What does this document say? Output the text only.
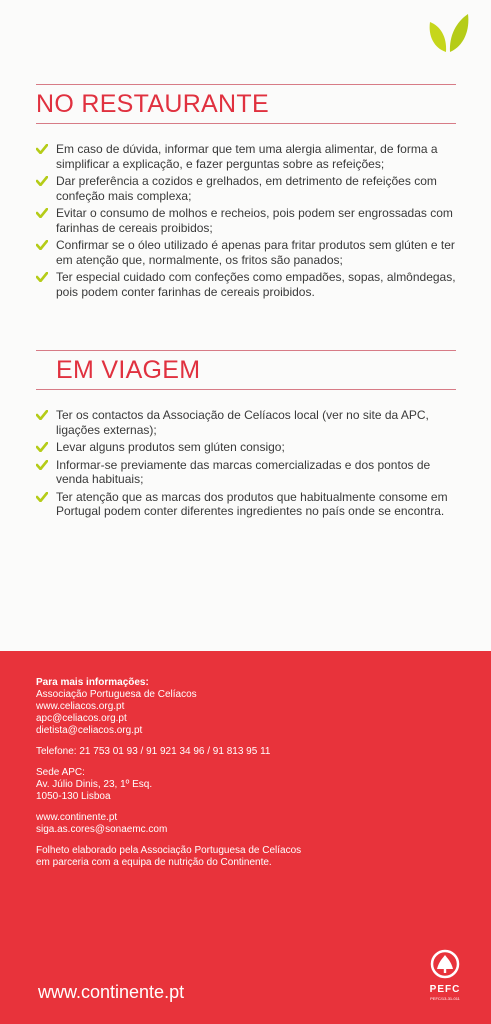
NO RESTAURANTE
Em caso de dúvida, informar que tem uma alergia alimentar, de forma a simplificar a explicação, e fazer perguntas sobre as refeições;
Dar preferência a cozidos e grelhados, em detrimento de refeições com confeção mais complexa;
Evitar o consumo de molhos e recheios, pois podem ser engrossadas com farinhas de cereais proibidos;
Confirmar se o óleo utilizado é apenas para fritar produtos sem glúten e ter em atenção que, normalmente, os fritos são panados;
Ter especial cuidado com confeções como empadões, sopas, almôndegas, pois podem conter farinhas de cereais proibidos.
EM VIAGEM
Ter os contactos da Associação de Celíacos local (ver no site da APC, ligações externas);
Levar alguns produtos sem glúten consigo;
Informar-se previamente das marcas comercializadas e dos pontos de venda habituais;
Ter atenção que as marcas dos produtos que habitualmente consome em Portugal podem conter diferentes ingredientes no país onde se encontra.
Para mais informações:
Associação Portuguesa de Celíacos
www.celiacos.org.pt
apc@celiacos.org.pt
dietista@celiacos.org.pt
Telefone: 21 753 01 93 / 91 921 34 96 / 91 813 95 11
Sede APC:
Av. Júlio Dinis, 23, 1º Esq.
1050-130 Lisboa
www.continente.pt
siga.as.cores@sonaemc.com
Folheto elaborado pela Associação Portuguesa de Celíacos
em parceria com a equipa de nutrição do Continente.
PEFC
PEFC/13-31-011
www.continente.pt
